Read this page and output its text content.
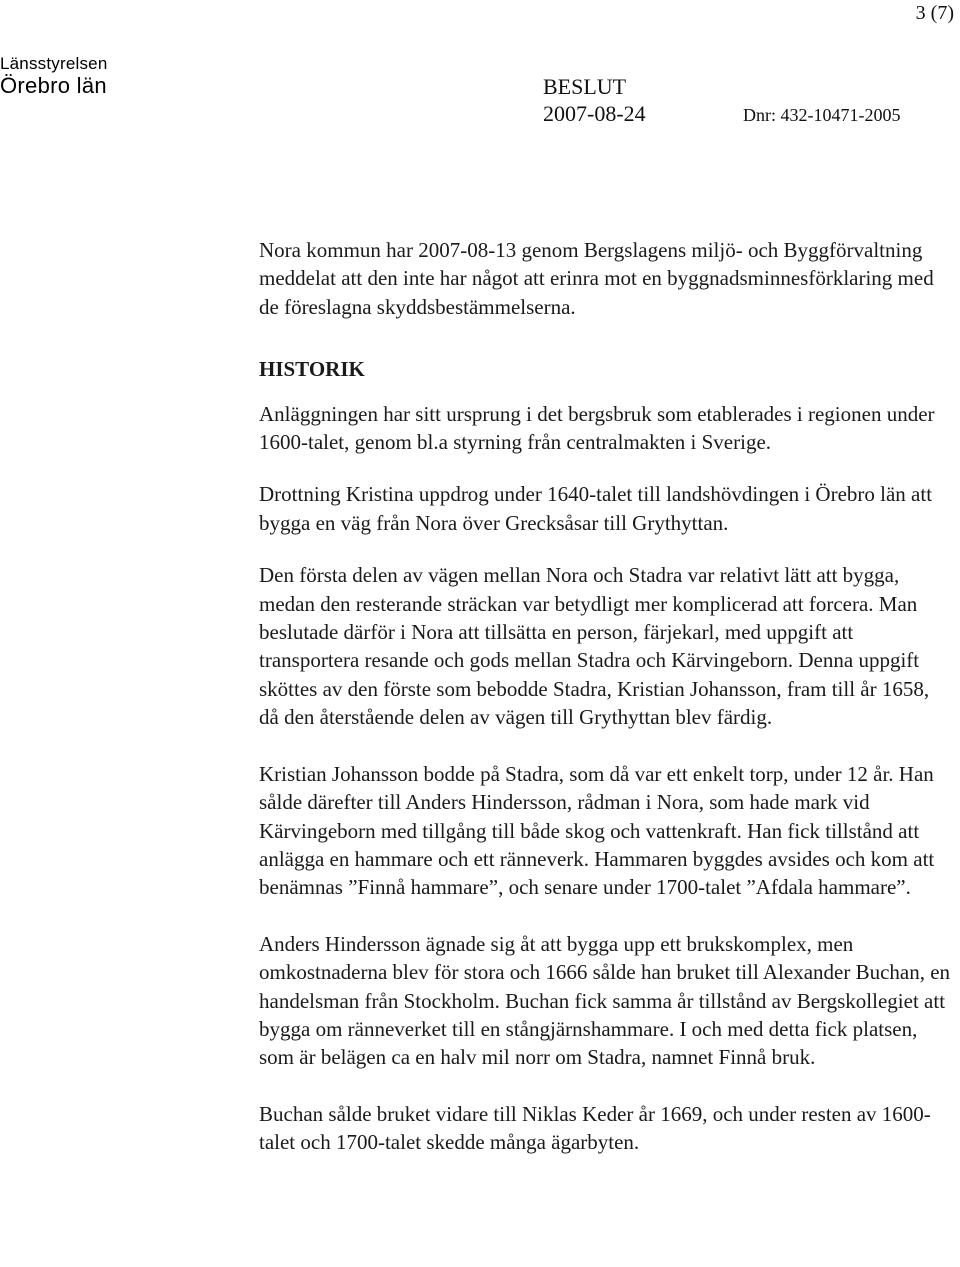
3 (7)
Länsstyrelsen
Örebro län	BESLUT
2007-08-24	Dnr: 432-10471-2005

Nora kommun har 2007-08-13 genom Bergslagens miljö- och Byggförvaltning meddelat att den inte har något att erinra mot en byggnadsminnesförklaring med de föreslagna skyddsbestämmelserna.

HISTORIK

Anläggningen har sitt ursprung i det bergsbruk som etablerades i regionen under 1600-talet, genom bl.a styrning från centralmakten i Sverige.

Drottning Kristina uppdrog under 1640-talet till landshövdingen i Örebro län att bygga en väg från Nora över Grecksåsar till Grythyttan.

Den första delen av vägen mellan Nora och Stadra var relativt lätt att bygga, medan den resterande sträckan var betydligt mer komplicerad att forcera. Man beslutade därför i Nora att tillsätta en person, färjekarl, med uppgift att transportera resande och gods mellan Stadra och Kärvingeborn. Denna uppgift sköttes av den förste som bebodde Stadra, Kristian Johansson, fram till år 1658, då den återstående delen av vägen till Grythyttan blev färdig.

Kristian Johansson bodde på Stadra, som då var ett enkelt torp, under 12 år. Han sålde därefter till Anders Hindersson, rådman i Nora, som hade mark vid Kärvingeborn med tillgång till både skog och vattenkraft. Han fick tillstånd att anlägga en hammare och ett ränneverk. Hammaren byggdes avsides och kom att benämnas ”Finnå hammare”, och senare under 1700-talet ”Afdala hammare”.

Anders Hindersson ägnade sig åt att bygga upp ett brukskomplex, men omkostnaderna blev för stora och 1666 sålde han bruket till Alexander Buchan, en handelsman från Stockholm. Buchan fick samma år tillstånd av Bergskollegiet att bygga om ränneverket till en stångjärnshammare. I och med detta fick platsen, som är belägen ca en halv mil norr om Stadra, namnet Finnå bruk.

Buchan sålde bruket vidare till Niklas Keder år 1669, och under resten av 1600-talet och 1700-talet skedde många ägarbyten.
